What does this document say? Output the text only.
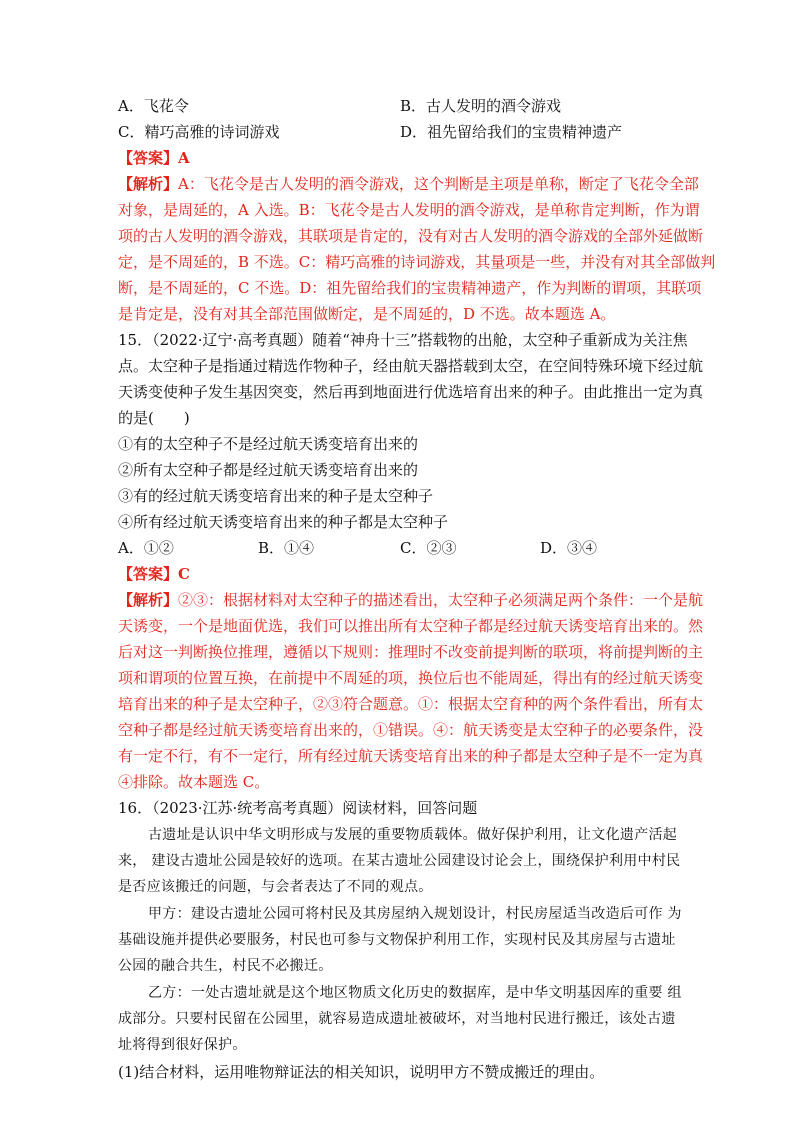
A．飞花令	B．古人发明的酒令游戏
C．精巧高雅的诗词游戏	D．祖先留给我们的宝贵精神遗产
【答案】A
【解析】A：飞花令是古人发明的酒令游戏，这个判断是主项是单称，断定了飞花令全部
对象，是周延的，A 入选。B：飞花令是古人发明的酒令游戏，是单称肯定判断，作为谓
项的古人发明的酒令游戏，其联项是肯定的，没有对古人发明的酒令游戏的全部外延做断
定，是不周延的，B 不选。C：精巧高雅的诗词游戏，其量项是一些，并没有对其全部做判
断，是不周延的，C 不选。D：祖先留给我们的宝贵精神遗产，作为判断的谓项，其联项
是肯定是，没有对其全部范围做断定，是不周延的，D 不选。故本题选 A。
15．（2022·辽宁·高考真题）随着“神舟十三”搭载物的出舱，太空种子重新成为关注焦
点。太空种子是指通过精选作物种子，经由航天器搭载到太空，在空间特殊环境下经过航
天诱变使种子发生基因突变，然后再到地面进行优选培育出来的种子。由此推出一定为真
的是(　　)
①有的太空种子不是经过航天诱变培育出来的
②所有太空种子都是经过航天诱变培育出来的
③有的经过航天诱变培育出来的种子是太空种子
④所有经过航天诱变培育出来的种子都是太空种子
A．①②	B．①④	C．②③	D．③④
【答案】C
【解析】②③：根据材料对太空种子的描述看出，太空种子必须满足两个条件：一个是航
天诱变，一个是地面优选，我们可以推出所有太空种子都是经过航天诱变培育出来的。然
后对这一判断换位推理，遵循以下规则：推理时不改变前提判断的联项，将前提判断的主
项和谓项的位置互换，在前提中不周延的项，换位后也不能周延，得出有的经过航天诱变
培育出来的种子是太空种子，②③符合题意。①：根据太空育种的两个条件看出，所有太
空种子都是经过航天诱变培育出来的，①错误。④：航天诱变是太空种子的必要条件，没
有一定不行，有不一定行，所有经过航天诱变培育出来的种子都是太空种子是不一定为真
④排除。故本题选 C。
16．（2023·江苏·统考高考真题）阅读材料，回答问题
古遗址是认识中华文明形成与发展的重要物质载体。做好保护利用，让文化遗产活起
来， 建设古遗址公园是较好的选项。在某古遗址公园建设讨论会上，围绕保护利用中村民
是否应该搬迁的问题，与会者表达了不同的观点。
甲方：建设古遗址公园可将村民及其房屋纳入规划设计，村民房屋适当改造后可作 为
基础设施并提供必要服务，村民也可参与文物保护利用工作，实现村民及其房屋与古遗址
公园的融合共生，村民不必搬迁。
乙方：一处古遗址就是这个地区物质文化历史的数据库，是中华文明基因库的重要 组
成部分。只要村民留在公园里，就容易造成遗址被破坏，对当地村民进行搬迁，该处古遗
址将得到很好保护。
(1)结合材料，运用唯物辩证法的相关知识，说明甲方不赞成搬迁的理由。
